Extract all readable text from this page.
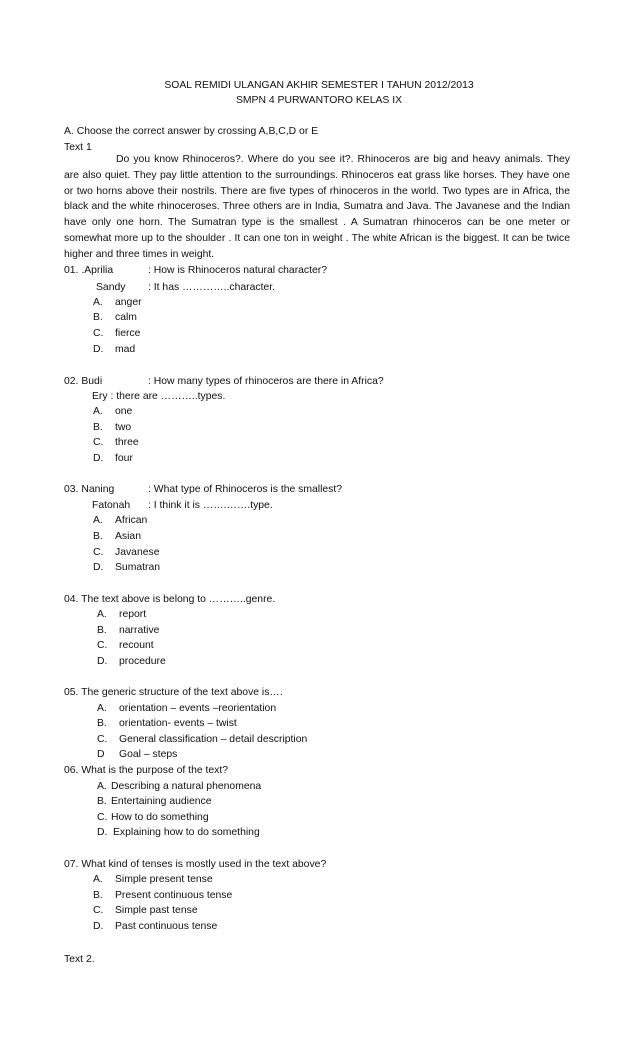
SOAL REMIDI ULANGAN AKHIR SEMESTER I TAHUN 2012/2013
SMPN 4 PURWANTORO KELAS IX
A. Choose the correct answer by crossing A,B,C,D or E
Text 1
Do you know Rhinoceros?. Where do you see it?. Rhinoceros are big and heavy animals. They are also quiet. They pay little attention to the surroundings. Rhinoceros eat grass like horses. They have one or two horns above their nostrils. There are five types of rhinoceros in the world. Two types are in Africa, the black and the white rhinoceroses. Three others are in India, Sumatra and Java. The Javanese and the Indian have only one horn. The Sumatran type is the smallest . A Sumatran rhinoceros can be one meter or somewhat more up to the shoulder . It can one ton in weight . The white African is the biggest. It can be twice higher and three times in weight.
01. .Aprilia	: How is Rhinoceros natural character?
Sandy : It has …………..character.
A. anger
B. calm
C. fierce
D. mad
02. Budi	: How many types of rhinoceros are there in Africa?
Ery : there are ………..types.
A. one
B. two
C. three
D. four
03. Naning	: What type of Rhinoceros is the smallest?
Fatonah : I think it is …….…….type.
A. African
B. Asian
C. Javanese
D. Sumatran
04. The text above is belong to ………..genre.
A. report
B. narrative
C. recount
D. procedure
05. The generic structure of the text above is….
A. orientation – events –reorientation
B. orientation- events – twist
C. General classification – detail description
D Goal – steps
06. What is the purpose of the text?
A. Describing a natural phenomena
B. Entertaining audience
C. How to do something
D. Explaining how to do something
07. What kind of tenses is mostly used in the text above?
A. Simple present tense
B. Present continuous tense
C. Simple past tense
D. Past continuous tense
Text 2.
